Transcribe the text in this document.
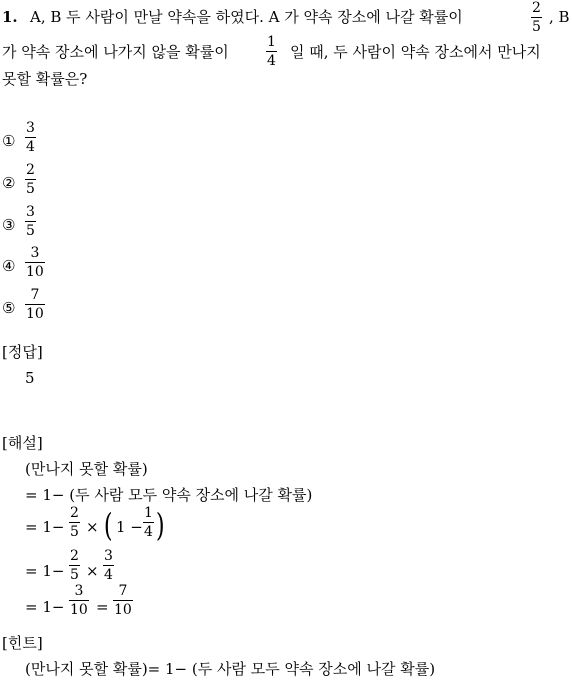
1. A, B 두 사람이 만날 약속을 하였다. A 가 약속 장소에 나갈 확률이	2
5
, B
가 약속 장소에 나가지 않을 확률이
1
4 일 때, 두 사람이 약속 장소에서 만나지
못할 확률은?
①
3
4
②
2
5
③
3
5
④
3
10
⑤
7
10
[정답]
5
[해설]
(만나지 못할 확률)
= 1− (두 사람 모두 약속 장소에 나갈 확률)
= 1−
2
5 × ( 1 −
1
4 )
= 1−
2
5 ×
3
4
= 1−
3
10 =
7
10
[힌트]
(만나지 못할 확률)= 1− (두 사람 모두 약속 장소에 나갈 확률)
